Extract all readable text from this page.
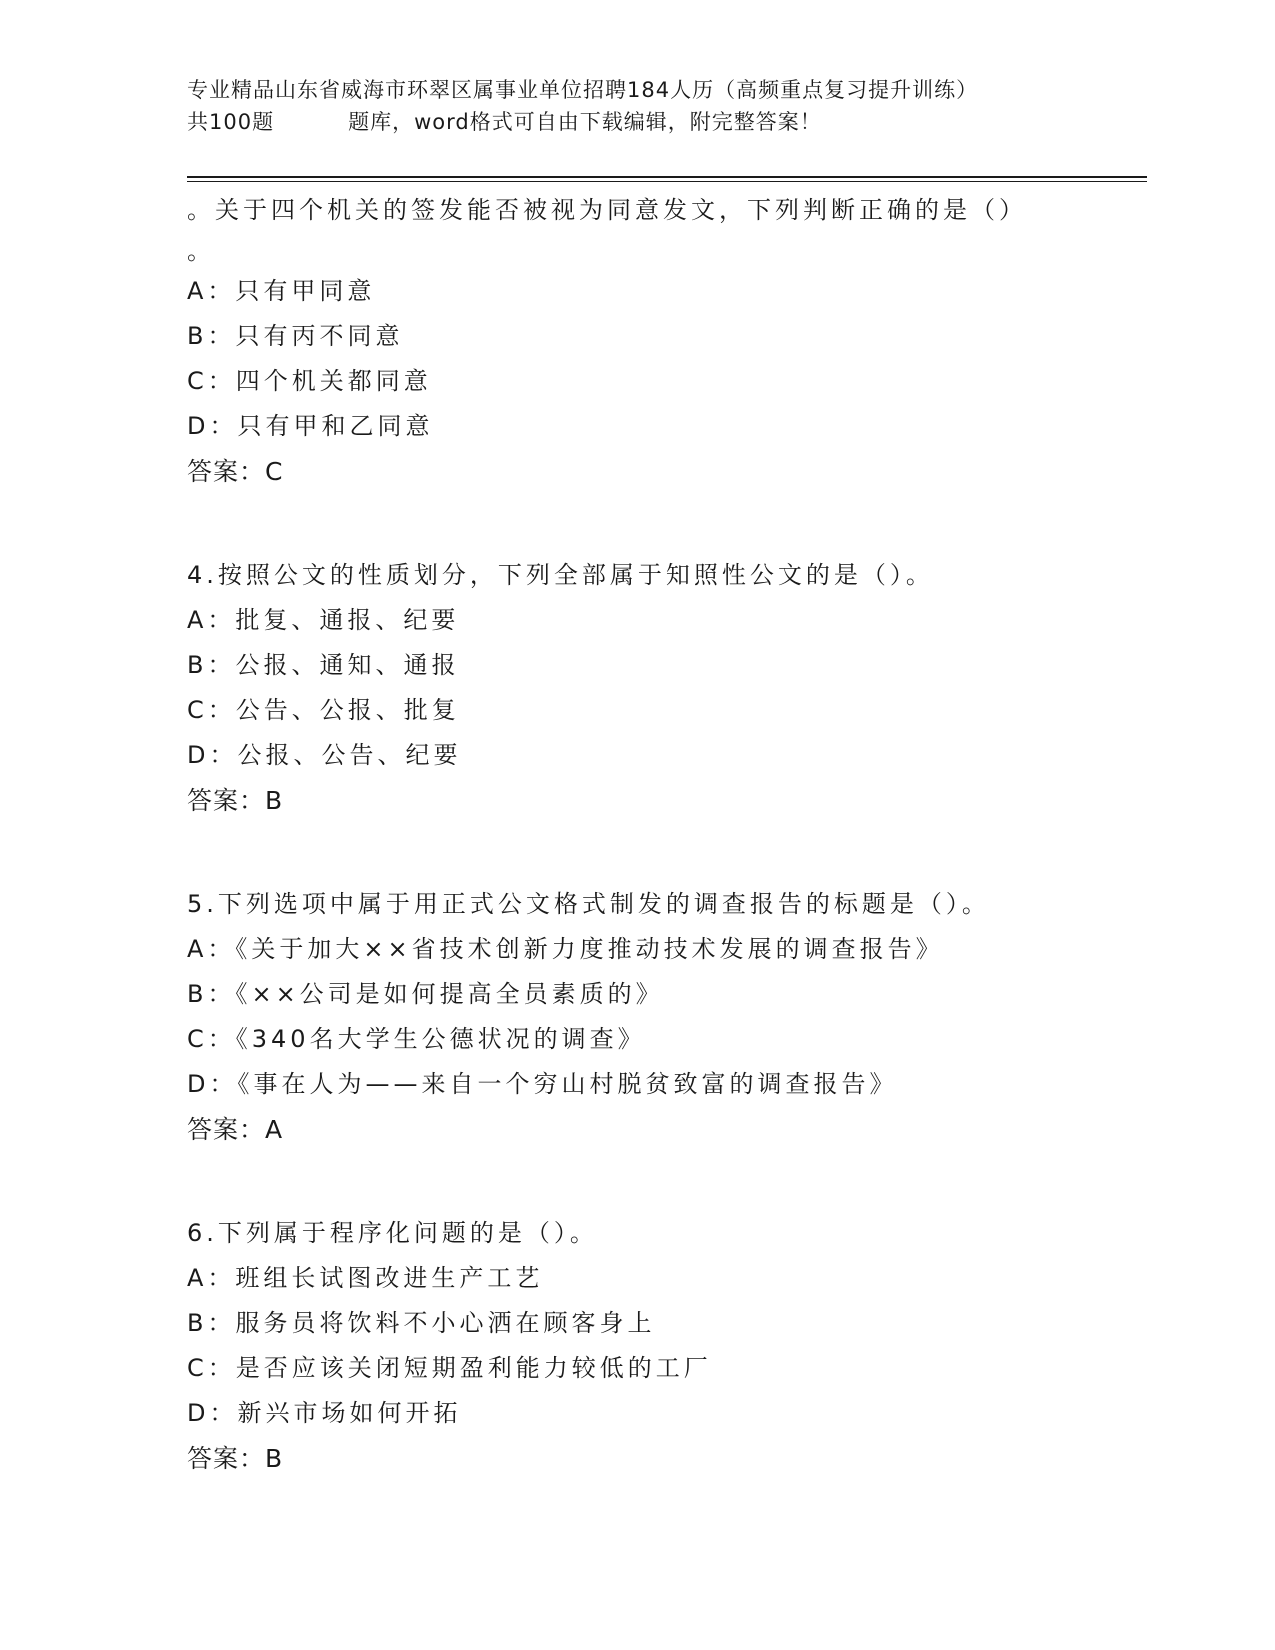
专业精品山东省威海市环翠区属事业单位招聘184人历（高频重点复习提升训练）
共100题	题库，word格式可自由下载编辑，附完整答案！
。关于四个机关的签发能否被视为同意发文，下列判断正确的是（）
。
A：只有甲同意
B：只有丙不同意
C：四个机关都同意
D：只有甲和乙同意
答案：C
4.按照公文的性质划分，下列全部属于知照性公文的是（）。
A：批复、通报、纪要
B：公报、通知、通报
C：公告、公报、批复
D：公报、公告、纪要
答案：B
5.下列选项中属于用正式公文格式制发的调查报告的标题是（）。
A：《关于加大××省技术创新力度推动技术发展的调查报告》
B：《××公司是如何提高全员素质的》
C：《340名大学生公德状况的调查》
D：《事在人为——来自一个穷山村脱贫致富的调查报告》
答案：A
6.下列属于程序化问题的是（）。
A：班组长试图改进生产工艺
B：服务员将饮料不小心洒在顾客身上
C：是否应该关闭短期盈利能力较低的工厂
D：新兴市场如何开拓
答案：B
